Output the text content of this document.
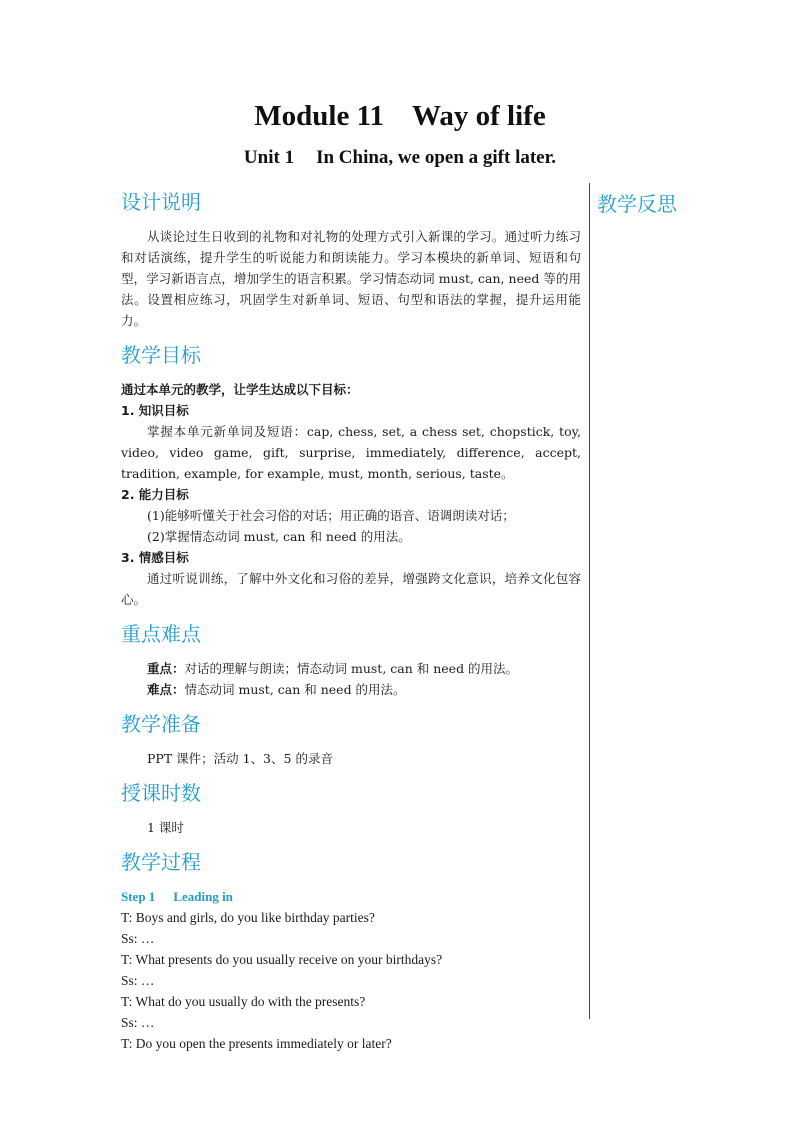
Module 11 Way of life
Unit 1 In China, we open a gift later.
教学反思
设计说明

从谈论过生日收到的礼物和对礼物的处理方式引入新课的学习。通过听力练习和对话演练，提升学生的听说能力和朗读能力。学习本模块的新单词、短语和句型，学习新语言点，增加学生的语言积累。学习情态动词 must, can, need 等的用法。设置相应练习，巩固学生对新单词、短语、句型和语法的掌握，提升运用能力。

教学目标

通过本单元的教学，让学生达成以下目标：

1. 知识目标

掌握本单元新单词及短语：cap, chess, set, a chess set, chopstick, toy, video, video game, gift, surprise, immediately, difference, accept, tradition, example, for example, must, month, serious, taste。

2. 能力目标

(1)能够听懂关于社会习俗的对话；用正确的语音、语调朗读对话；

(2)掌握情态动词 must, can 和 need 的用法。

3. 情感目标

通过听说训练，了解中外文化和习俗的差异，增强跨文化意识，培养文化包容心。

重点难点

重点：对话的理解与朗读；情态动词 must, can 和 need 的用法。

难点：情态动词 must, can 和 need 的用法。

教学准备

PPT 课件；活动 1、3、5 的录音

授课时数

1 课时

教学过程

Step 1 Leading in

T: Boys and girls, do you like birthday parties?

Ss: …

T: What presents do you usually receive on your birthdays?

Ss: …

T: What do you usually do with the presents?

Ss: …

T: Do you open the presents immediately or later?
